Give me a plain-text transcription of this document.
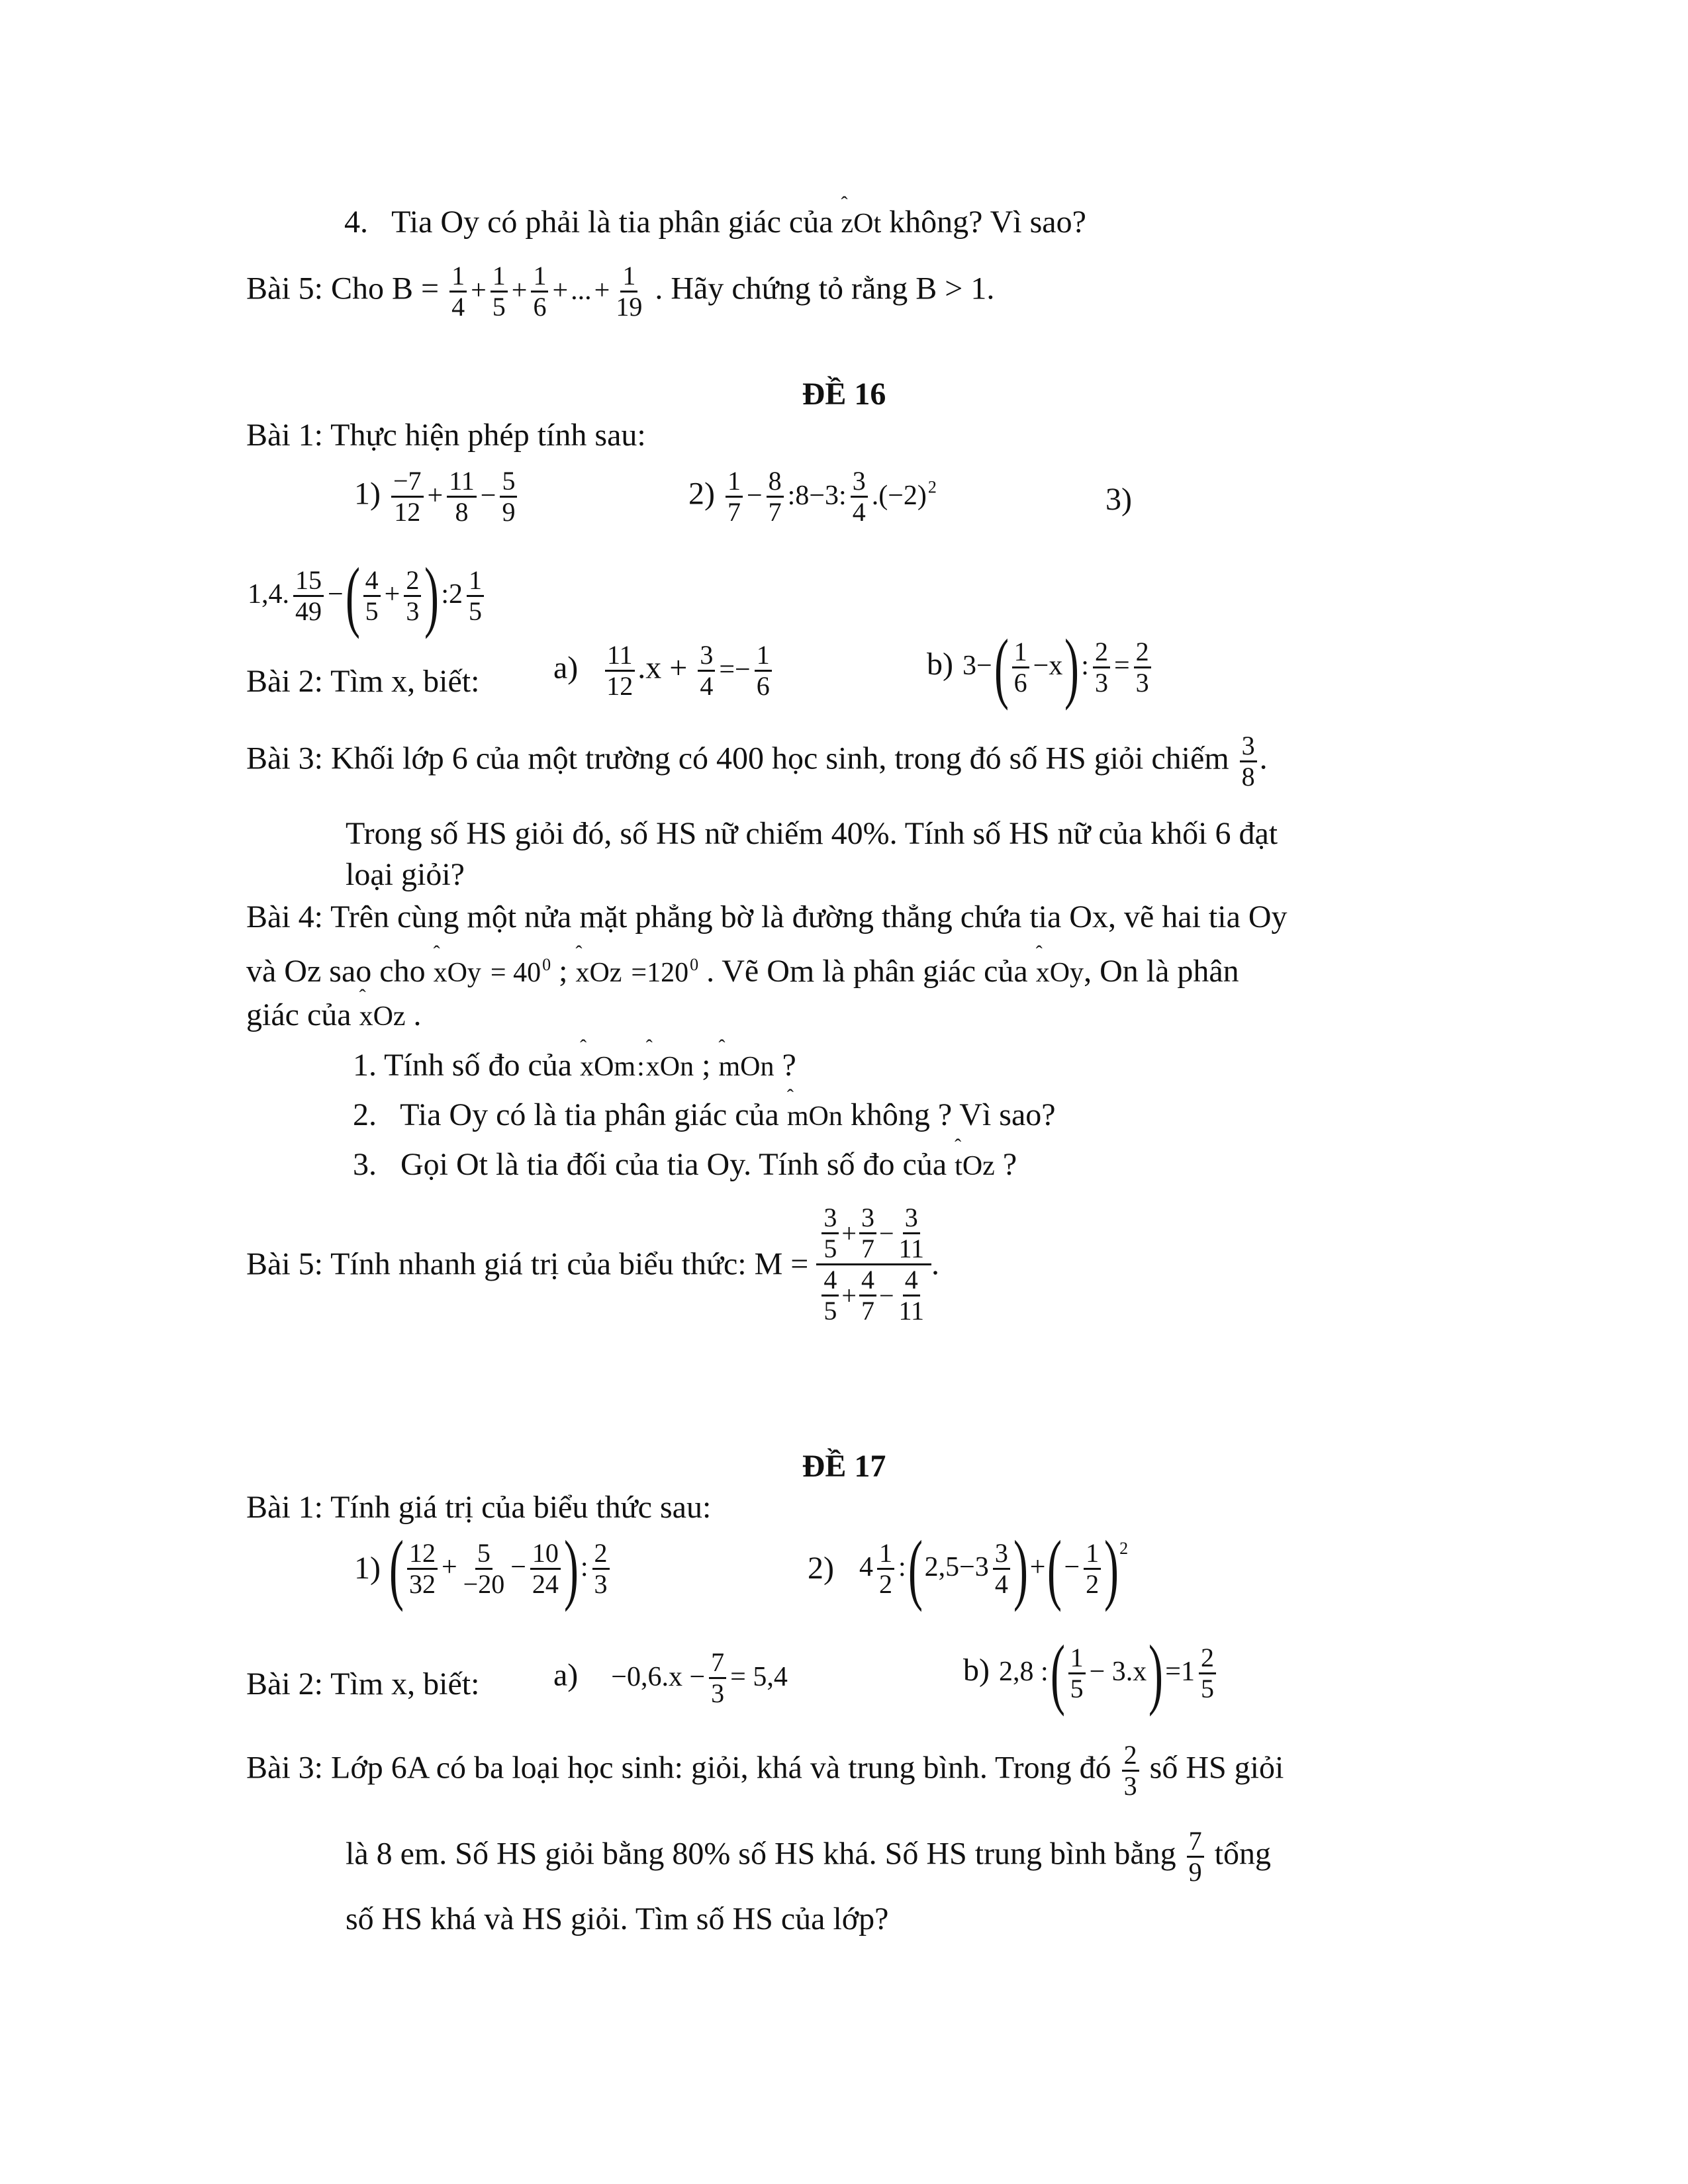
4. Tia Oy có phải là tia phân giác của ˆ zOt không? Vì sao?
Bài 5: Cho $B = \frac{1}{4} + \frac{1}{5} + \frac{1}{6}$ +...+ $\frac{1}{19}$ . Hãy chứng tỏ rằng B > 1.
ĐỀ 16
Bài 1: Thực hiện phép tính sau:
$1) \frac{-7}{12} + \frac{11}{8} - \frac{5}{9}$	$2) \frac{1}{7} - \frac{8}{7}$ :8−3: $\frac{3}{4} .(-2)^2$	3)
1,4. $\frac{15}{49}$ −( $\frac{4}{5} + \frac{2}{3}$ ):2 $\frac{1}{5}$
Bài 2: Tìm x, biết: $a) \frac{11}{12} .x + \frac{3}{4} =- \frac{1}{6}$	b) $3-( \frac{1}{6} -x)$: $\frac{2}{3} = \frac{2}{3}$
Bài 3: Khối lớp 6 của một trường có 400 học sinh, trong đó số HS giỏi chiếm $\frac{3}{8}$ .
Trong số HS giỏi đó, số HS nữ chiếm 40%. Tính số HS nữ của khối 6 đạt
loại giỏi?
Bài 4: Trên cùng một nửa mặt phẳng bờ là đường thẳng chứa tia Ox, vẽ hai tia Oy
và Oz sao cho ˆ xOy = $40^0$ ; ˆ xOz $=120^0$ . Vẽ Om là phân giác của ˆ xOy, On là phân
giác của ˆ xOz .
1. Tính số đo của ˆ xOm:ˆ xOn ; ˆ mOn ?
2. Tia Oy có là tia phân giác của ˆ mOn không ? Vì sao?
3. Gọi Ot là tia đối của tia Oy. Tính số đo của ˆ tOz ?
Bài 5: Tính nhanh giá trị của biểu thức: $M = \frac{\frac{3}{5} + \frac{3}{7} - \frac{3}{11}}{\frac{4}{5} + \frac{4}{7} - \frac{4}{11}}$ .
ĐỀ 17
Bài 1: Tính giá trị của biểu thức sau:
1) ( $\frac{12}{32} + \frac{5}{-20} - \frac{10}{24}$ ): $\frac{2}{3}$	2) $4 \frac{1}{2}$ :(2,5−3 $\frac{3}{4}$ )+(− $\frac{1}{2} )^2$
Bài 2: Tìm x, biết: $a) -0,6.x - \frac{7}{3} = 5,4$	b) 2,8 :( $\frac{1}{5} - 3.x)=1 \frac{2}{5}$
Bài 3: Lớp 6A có ba loại học sinh: giỏi, khá và trung bình. Trong đó $\frac{2}{3}$ số HS giỏi
là 8 em. Số HS giỏi bằng 80% số HS khá. Số HS trung bình bằng $\frac{7}{9}$ tổng
số HS khá và HS giỏi. Tìm số HS của lớp?
